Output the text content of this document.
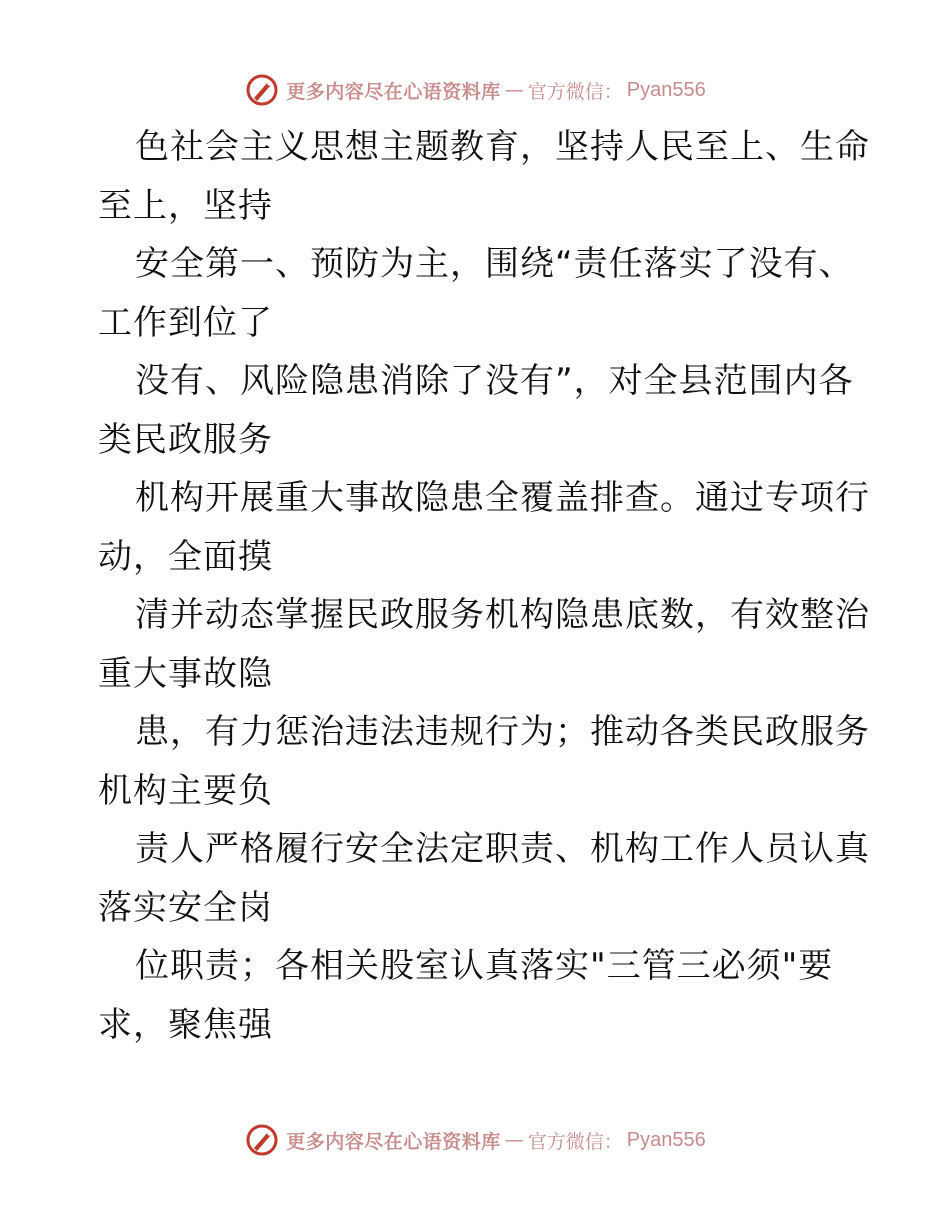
更多内容尽在心语资料库 — 官方微信： Pyan556
色社会主义思想主题教育，坚持人民至上、生命
至上，坚持
安全第一、预防为主，围绕“责任落实了没有、
工作到位了
没有、风险隐患消除了没有”，对全县范围内各
类民政服务
机构开展重大事故隐患全覆盖排查。通过专项行
动，全面摸
清并动态掌握民政服务机构隐患底数，有效整治
重大事故隐
患，有力惩治违法违规行为；推动各类民政服务
机构主要负
责人严格履行安全法定职责、机构工作人员认真
落实安全岗
位职责；各相关股室认真落实"三管三必须"要
求，聚焦强
更多内容尽在心语资料库 — 官方微信： Pyan556
